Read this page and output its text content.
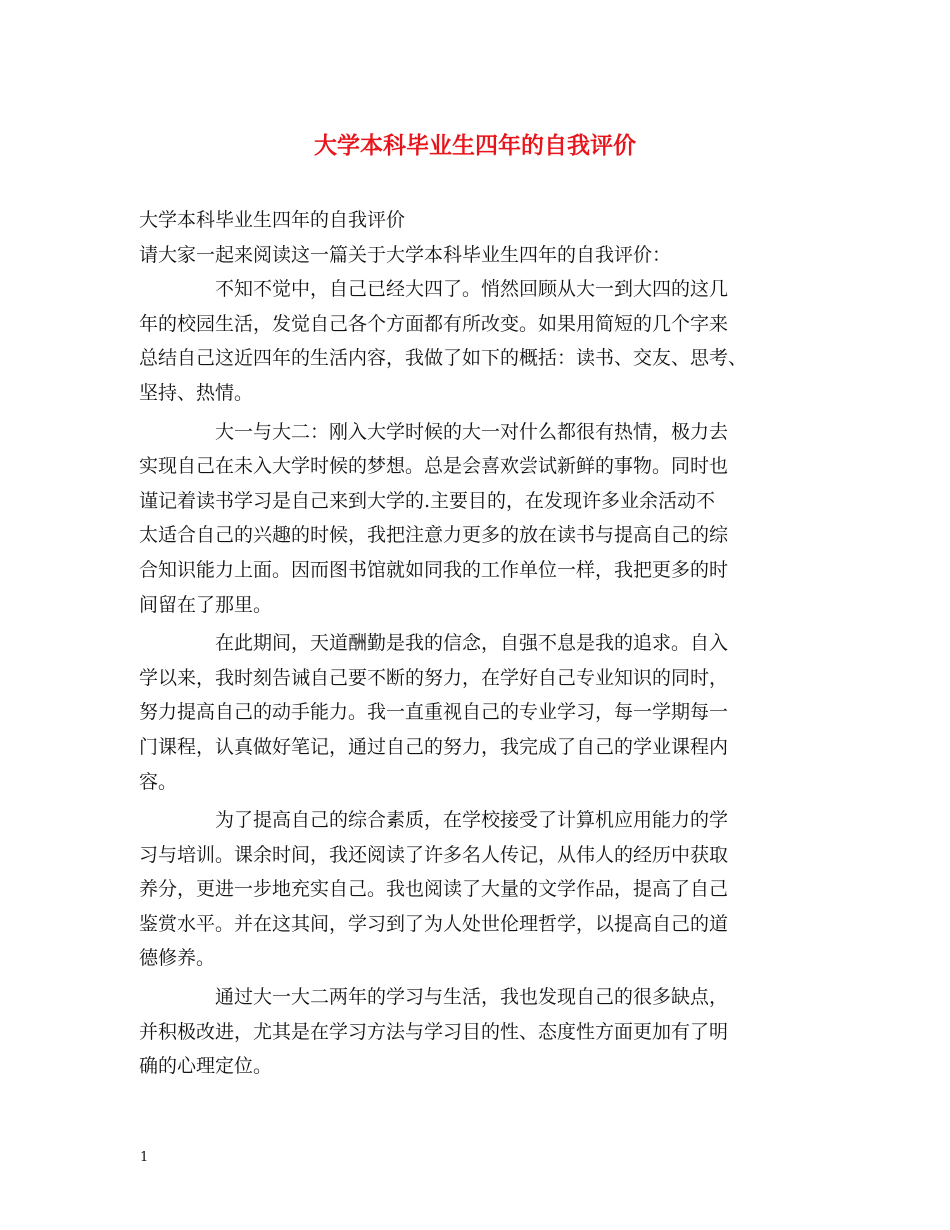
大学本科毕业生四年的自我评价
大学本科毕业生四年的自我评价
请大家一起来阅读这一篇关于大学本科毕业生四年的自我评价：
不知不觉中，自己已经大四了。悄然回顾从大一到大四的这几
年的校园生活，发觉自己各个方面都有所改变。如果用简短的几个字来
总结自己这近四年的生活内容，我做了如下的概括：读书、交友、思考、
坚持、热情。
大一与大二：刚入大学时候的大一对什么都很有热情，极力去
实现自己在未入大学时候的梦想。总是会喜欢尝试新鲜的事物。同时也
谨记着读书学习是自己来到大学的.主要目的，在发现许多业余活动不
太适合自己的兴趣的时候，我把注意力更多的放在读书与提高自己的综
合知识能力上面。因而图书馆就如同我的工作单位一样，我把更多的时
间留在了那里。
在此期间，天道酬勤是我的信念，自强不息是我的追求。自入
学以来，我时刻告诫自己要不断的努力，在学好自己专业知识的同时，
努力提高自己的动手能力。我一直重视自己的专业学习，每一学期每一
门课程，认真做好笔记，通过自己的努力，我完成了自己的学业课程内
容。
为了提高自己的综合素质，在学校接受了计算机应用能力的学
习与培训。课余时间，我还阅读了许多名人传记，从伟人的经历中获取
养分，更进一步地充实自己。我也阅读了大量的文学作品，提高了自己
鉴赏水平。并在这其间，学习到了为人处世伦理哲学，以提高自己的道
德修养。
通过大一大二两年的学习与生活，我也发现自己的很多缺点，
并积极改进，尤其是在学习方法与学习目的性、态度性方面更加有了明
确的心理定位。
1
